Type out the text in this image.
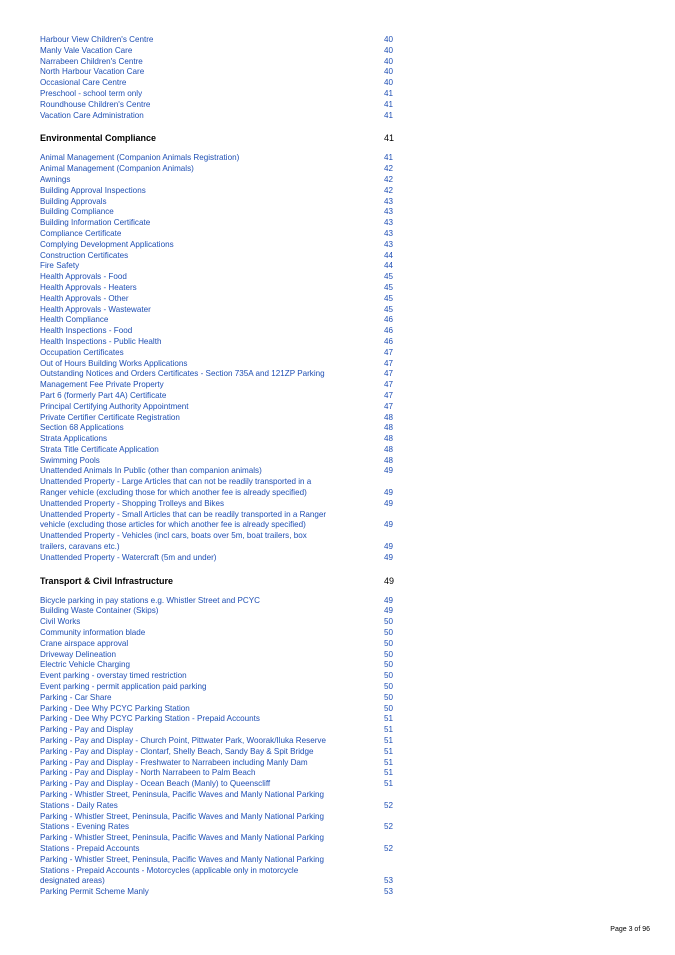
Harbour View Children's Centre	40
Manly Vale Vacation Care	40
Narrabeen Children's Centre	40
North Harbour Vacation Care	40
Occasional Care Centre	40
Preschool - school term only	41
Roundhouse Children's Centre	41
Vacation Care Administration	41
Environmental Compliance	41
Animal Management (Companion Animals Registration)	41
Animal Management (Companion Animals)	42
Awnings	42
Building Approval Inspections	42
Building Approvals	43
Building Compliance	43
Building Information Certificate	43
Compliance Certificate	43
Complying Development Applications	43
Construction Certificates	44
Fire Safety	44
Health Approvals - Food	45
Health Approvals - Heaters	45
Health Approvals - Other	45
Health Approvals - Wastewater	45
Health Compliance	46
Health Inspections - Food	46
Health Inspections - Public Health	46
Occupation Certificates	47
Out of Hours Building Works Applications	47
Outstanding Notices and Orders Certificates - Section 735A and 121ZP Parking	47
Management Fee Private Property	47
Part 6 (formerly Part 4A) Certificate	47
Principal Certifying Authority Appointment	47
Private Certifier Certificate Registration	48
Section 68 Applications	48
Strata Applications	48
Strata Title Certificate Application	48
Swimming Pools	48
Unattended Animals In Public (other than companion animals)	49
Unattended Property - Large Articles that can not be readily transported in a
Ranger vehicle (excluding those for which another fee is already specified)	49
Unattended Property - Shopping Trolleys and Bikes	49
Unattended Property - Small Articles that can be readily transported in a Ranger
vehicle (excluding those articles for which another fee is already specified)	49
Unattended Property - Vehicles (incl cars, boats over 5m, boat trailers, box
trailers, caravans etc.)	49
Unattended Property - Watercraft (5m and under)	49
Transport & Civil Infrastructure	49
Bicycle parking in pay stations e.g. Whistler Street and PCYC	49
Building Waste Container (Skips)	49
Civil Works	50
Community information blade	50
Crane airspace approval	50
Driveway Delineation	50
Electric Vehicle Charging	50
Event parking - overstay timed restriction	50
Event parking - permit application paid parking	50
Parking - Car Share	50
Parking - Dee Why PCYC Parking Station	50
Parking - Dee Why PCYC Parking Station - Prepaid Accounts	51
Parking - Pay and Display	51
Parking - Pay and Display - Church Point, Pittwater Park, Woorak/Iluka Reserve	51
Parking - Pay and Display - Clontarf, Shelly Beach, Sandy Bay & Spit Bridge	51
Parking - Pay and Display - Freshwater to Narrabeen including Manly Dam	51
Parking - Pay and Display - North Narrabeen to Palm Beach	51
Parking - Pay and Display - Ocean Beach (Manly) to Queenscliff	51
Parking - Whistler Street, Peninsula, Pacific Waves and Manly National Parking
Stations - Daily Rates	52
Parking - Whistler Street, Peninsula, Pacific Waves and Manly National Parking
Stations - Evening Rates	52
Parking - Whistler Street, Peninsula, Pacific Waves and Manly National Parking
Stations - Prepaid Accounts	52
Parking - Whistler Street, Peninsula, Pacific Waves and Manly National Parking
Stations - Prepaid Accounts - Motorcycles (applicable only in motorcycle
designated areas)	53
Parking Permit Scheme Manly	53
Page 3 of 96
